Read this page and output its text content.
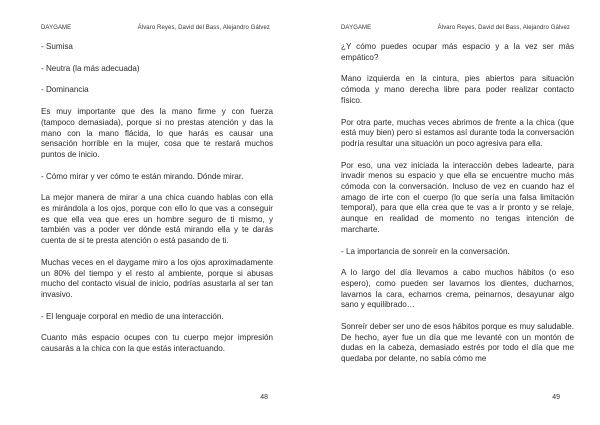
DAYGAME	Álvaro Reyes, David del Bass, Alejandro Gálvez

- Sumisa

- Neutra (la más adecuada)

- Dominancia

Es muy importante que des la mano firme y con fuerza (tampoco demasiada), porque si no prestas atención y das la mano con la mano flácida, lo que harás es causar una sensación horrible en la mujer, cosa que te restará muchos puntos de inicio.

- Cómo mirar y ver cómo te están mirando. Dónde mirar.

La mejor manera de mirar a una chica cuando hablas con ella es mirándola a los ojos, porque con ello lo que vas a conseguir es que ella vea que eres un hombre seguro de ti mismo, y también vas a poder ver dónde está mirando ella y te darás cuenta de si te presta atención o está pasando de ti.

Muchas veces en el daygame miro a los ojos aproximadamente un 80% del tiempo y el resto al ambiente, porque si abusas mucho del contacto visual de inicio, podrías asustarla al ser tan invasivo.

- El lenguaje corporal en medio de una interacción.

Cuanto más espacio ocupes con tu cuerpo mejor impresión causarás a la chica con la que estás interactuando.

48
DAYGAME	Álvaro Reyes, David del Bass, Alejandro Gálvez

¿Y cómo puedes ocupar más espacio y a la vez ser más empático?

Mano izquierda en la cintura, pies abiertos para situación cómoda y mano derecha libre para poder realizar contacto físico.

Por otra parte, muchas veces abrimos de frente a la chica (que está muy bien) pero si estamos así durante toda la conversación podría resultar una situación un poco agresiva para ella.

Por eso, una vez iniciada la interacción debes ladearte, para invadir menos su espacio y que ella se encuentre mucho más cómoda con la conversación. Incluso de vez en cuando haz el amago de irte con el cuerpo (lo que sería una falsa limitación temporal), para que ella crea que te vas a ir pronto y se relaje, aunque en realidad de momento no tengas intención de marcharte.

- La importancia de sonreír en la conversación.

A lo largo del día llevamos a cabo muchos hábitos (o eso espero), como pueden ser lavarnos los dientes, ducharnos, lavarnos la cara, echarnos crema, peinarnos, desayunar algo sano y equilibrado…

Sonreír deber ser uno de esos hábitos porque es muy saludable. De hecho, ayer fue un día que me levanté con un montón de dudas en la cabeza, demasiado estrés por todo el día que me quedaba por delante, no sabía cómo me

49
